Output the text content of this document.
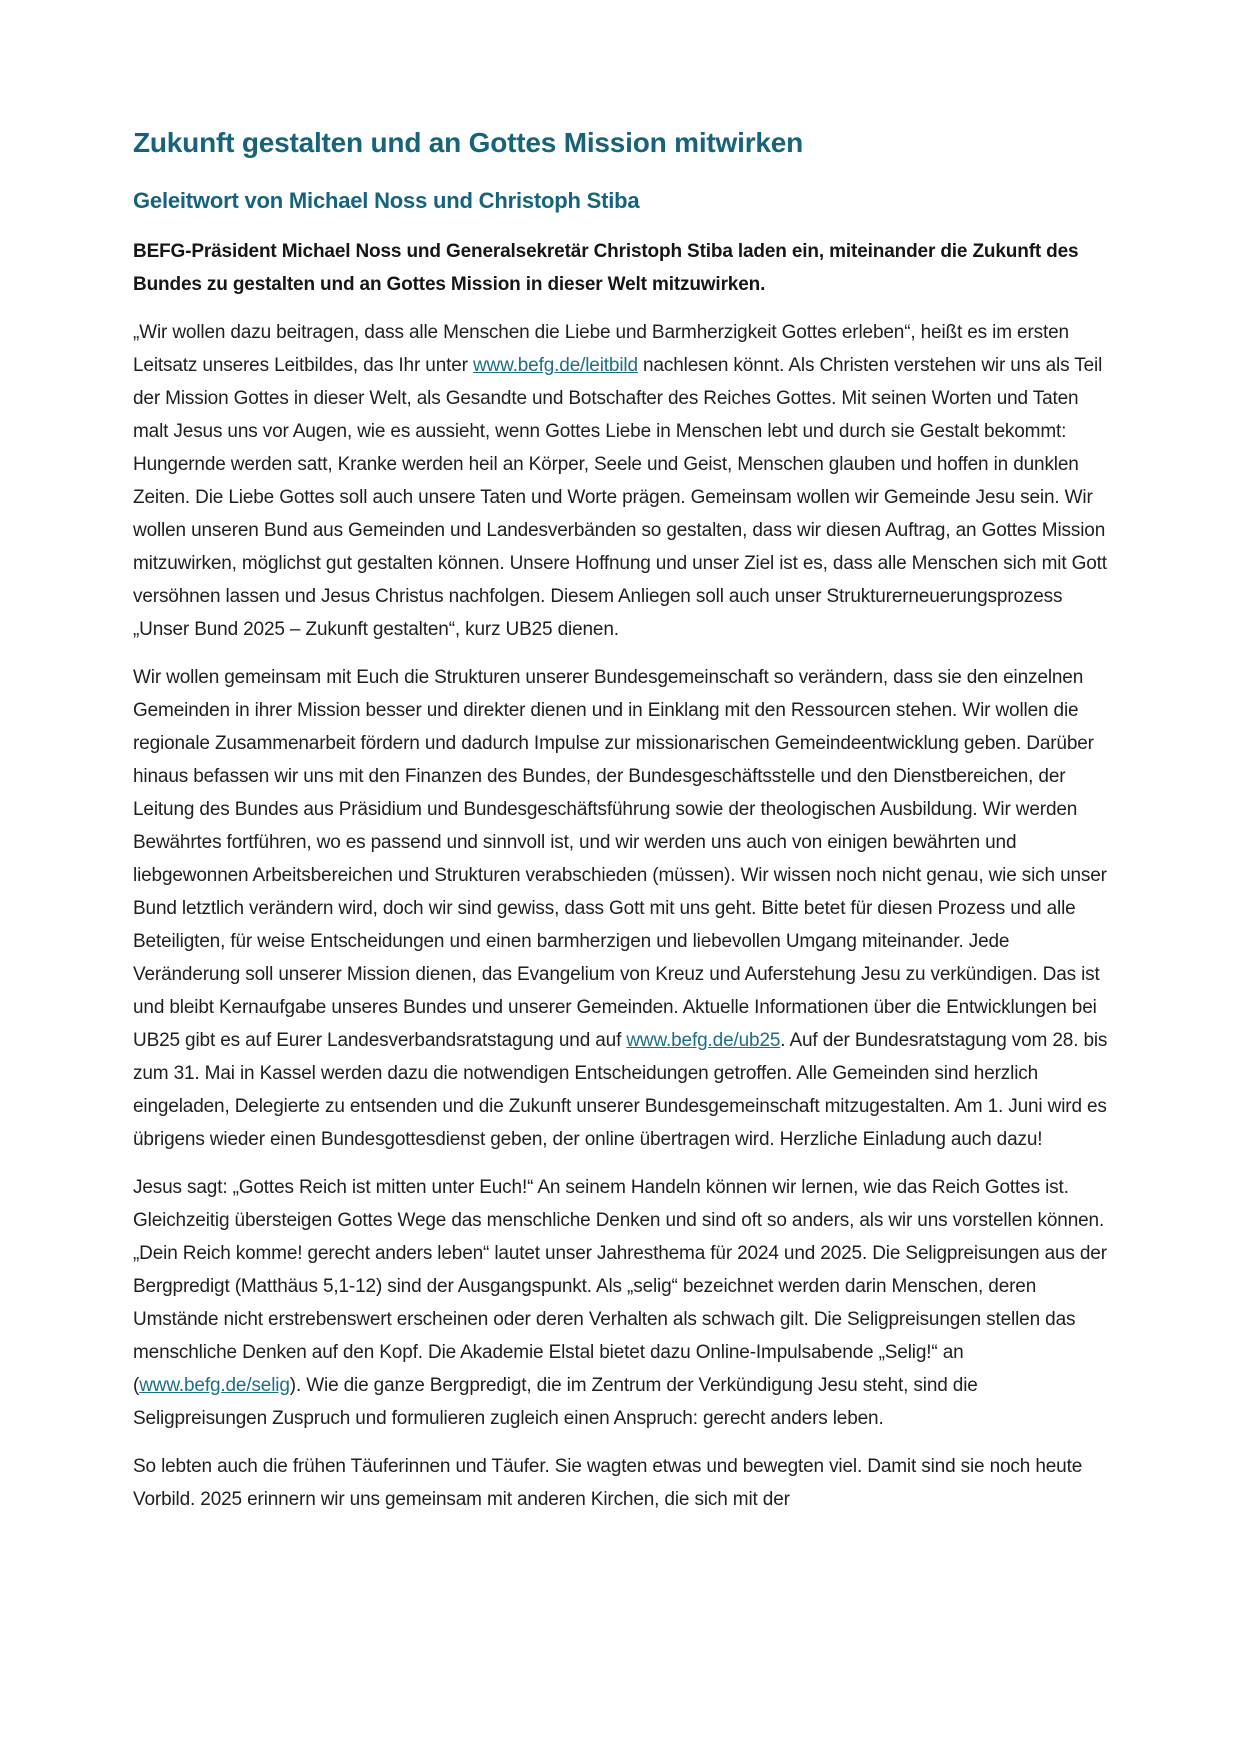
Zukunft gestalten und an Gottes Mission mitwirken
Geleitwort von Michael Noss und Christoph Stiba

BEFG-Präsident Michael Noss und Generalsekretär Christoph Stiba laden ein, miteinander die Zukunft des Bundes zu gestalten und an Gottes Mission in dieser Welt mitzuwirken.

„Wir wollen dazu beitragen, dass alle Menschen die Liebe und Barmherzigkeit Gottes erleben“, heißt es im ersten Leitsatz unseres Leitbildes, das Ihr unter www.befg.de/leitbild nachlesen könnt. Als Christen verstehen wir uns als Teil der Mission Gottes in dieser Welt, als Gesandte und Botschafter des Reiches Gottes. Mit seinen Worten und Taten malt Jesus uns vor Augen, wie es aussieht, wenn Gottes Liebe in Menschen lebt und durch sie Gestalt bekommt: Hungernde werden satt, Kranke werden heil an Körper, Seele und Geist, Menschen glauben und hoffen in dunklen Zeiten. Die Liebe Gottes soll auch unsere Taten und Worte prägen. Gemeinsam wollen wir Gemeinde Jesu sein. Wir wollen unseren Bund aus Gemeinden und Landesverbänden so gestalten, dass wir diesen Auftrag, an Gottes Mission mitzuwirken, möglichst gut gestalten können. Unsere Hoffnung und unser Ziel ist es, dass alle Menschen sich mit Gott versöhnen lassen und Jesus Christus nachfolgen. Diesem Anliegen soll auch unser Strukturerneuerungsprozess „Unser Bund 2025 – Zukunft gestalten“, kurz UB25 dienen.

Wir wollen gemeinsam mit Euch die Strukturen unserer Bundesgemeinschaft so verändern, dass sie den einzelnen Gemeinden in ihrer Mission besser und direkter dienen und in Einklang mit den Ressourcen stehen. Wir wollen die regionale Zusammenarbeit fördern und dadurch Impulse zur missionarischen Gemeindeentwicklung geben. Darüber hinaus befassen wir uns mit den Finanzen des Bundes, der Bundesgeschäftsstelle und den Dienstbereichen, der Leitung des Bundes aus Präsidium und Bundesgeschäftsführung sowie der theologischen Ausbildung. Wir werden Bewährtes fortführen, wo es passend und sinnvoll ist, und wir werden uns auch von einigen bewährten und liebgewonnen Arbeitsbereichen und Strukturen verabschieden (müssen). Wir wissen noch nicht genau, wie sich unser Bund letztlich verändern wird, doch wir sind gewiss, dass Gott mit uns geht. Bitte betet für diesen Prozess und alle Beteiligten, für weise Entscheidungen und einen barmherzigen und liebevollen Umgang miteinander. Jede Veränderung soll unserer Mission dienen, das Evangelium von Kreuz und Auferstehung Jesu zu verkündigen. Das ist und bleibt Kernaufgabe unseres Bundes und unserer Gemeinden. Aktuelle Informationen über die Entwicklungen bei UB25 gibt es auf Eurer Landesverbandsratstagung und auf www.befg.de/ub25. Auf der Bundesratstagung vom 28. bis zum 31. Mai in Kassel werden dazu die notwendigen Entscheidungen getroffen. Alle Gemeinden sind herzlich eingeladen, Delegierte zu entsenden und die Zukunft unserer Bundesgemeinschaft mitzugestalten. Am 1. Juni wird es übrigens wieder einen Bundesgottesdienst geben, der online übertragen wird. Herzliche Einladung auch dazu!

Jesus sagt: „Gottes Reich ist mitten unter Euch!“ An seinem Handeln können wir lernen, wie das Reich Gottes ist. Gleichzeitig übersteigen Gottes Wege das menschliche Denken und sind oft so anders, als wir uns vorstellen können. „Dein Reich komme! gerecht anders leben“ lautet unser Jahresthema für 2024 und 2025. Die Seligpreisungen aus der Bergpredigt (Matthäus 5,1-12) sind der Ausgangspunkt. Als „selig“ bezeichnet werden darin Menschen, deren Umstände nicht erstrebenswert erscheinen oder deren Verhalten als schwach gilt. Die Seligpreisungen stellen das menschliche Denken auf den Kopf. Die Akademie Elstal bietet dazu Online-Impulsabende „Selig!“ an (www.befg.de/selig). Wie die ganze Bergpredigt, die im Zentrum der Verkündigung Jesu steht, sind die Seligpreisungen Zuspruch und formulieren zugleich einen Anspruch: gerecht anders leben.

So lebten auch die frühen Täuferinnen und Täufer. Sie wagten etwas und bewegten viel. Damit sind sie noch heute Vorbild. 2025 erinnern wir uns gemeinsam mit anderen Kirchen, die sich mit der
